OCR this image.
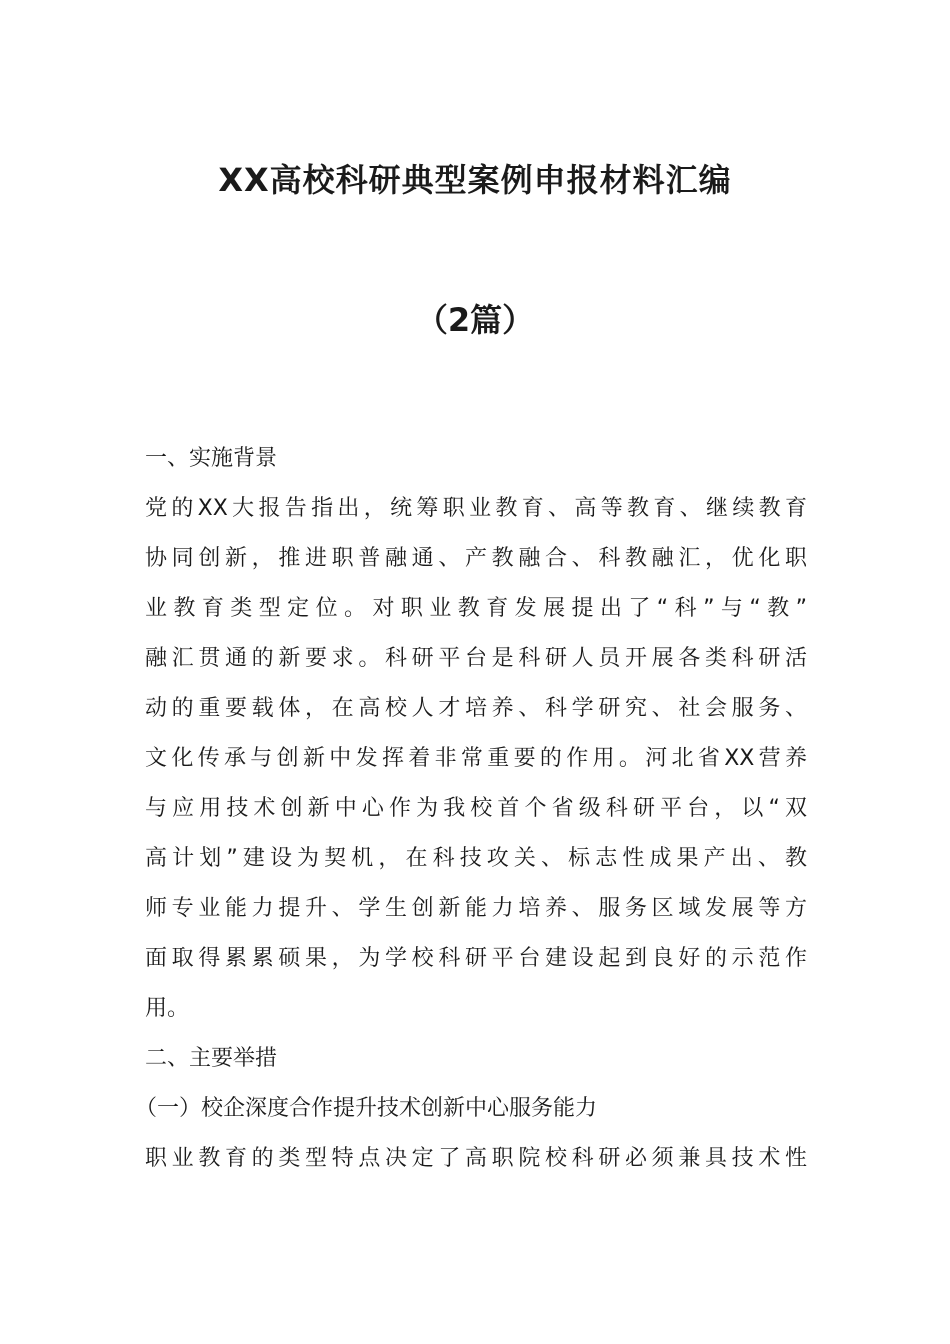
XX高校科研典型案例申报材料汇编
（2篇）
一、实施背景
党的XX大报告指出，统筹职业教育、高等教育、继续教育
协同创新，推进职普融通、产教融合、科教融汇，优化职
业教育类型定位。对职业教育发展提出了“科”与“教”
融汇贯通的新要求。科研平台是科研人员开展各类科研活
动的重要载体，在高校人才培养、科学研究、社会服务、
文化传承与创新中发挥着非常重要的作用。河北省XX营养
与应用技术创新中心作为我校首个省级科研平台，以“双
高计划”建设为契机，在科技攻关、标志性成果产出、教
师专业能力提升、学生创新能力培养、服务区域发展等方
面取得累累硕果，为学校科研平台建设起到良好的示范作
用。
二、主要举措
（一）校企深度合作提升技术创新中心服务能力
职业教育的类型特点决定了高职院校科研必须兼具技术性
